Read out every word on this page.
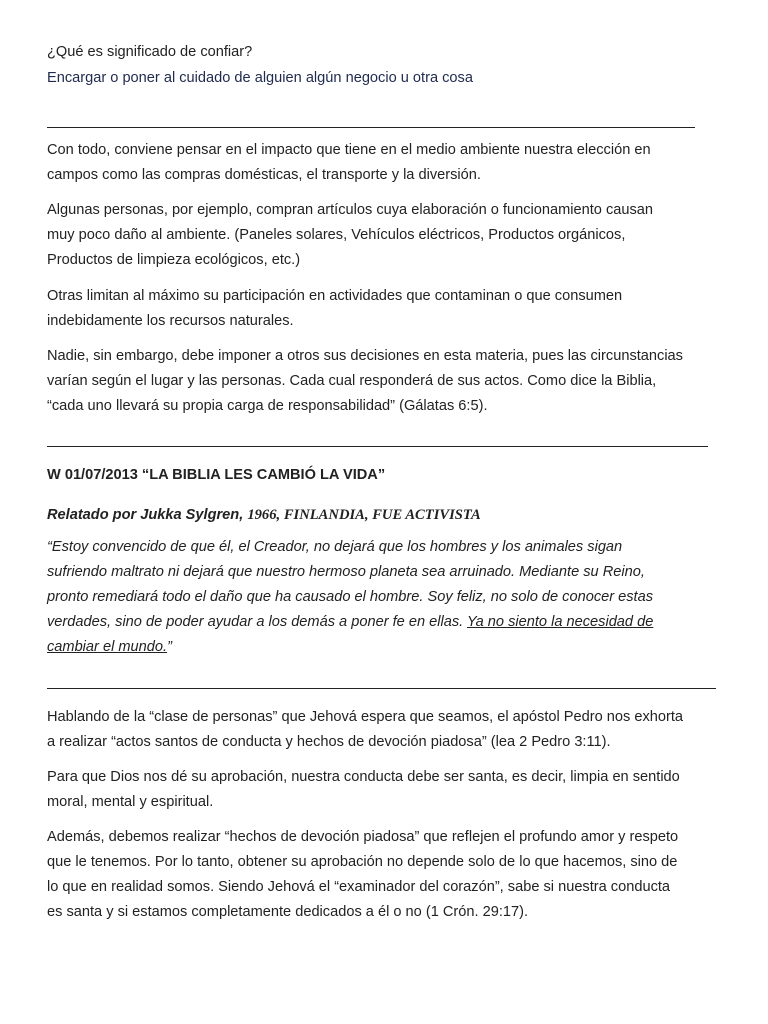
¿Qué es significado de confiar?
Encargar o poner al cuidado de alguien algún negocio u otra cosa
Con todo, conviene pensar en el impacto que tiene en el medio ambiente nuestra elección en
campos como las compras domésticas, el transporte y la diversión.
Algunas personas, por ejemplo, compran artículos cuya elaboración o funcionamiento causan
muy poco daño al ambiente. (Paneles solares, Vehículos eléctricos, Productos orgánicos,
Productos de limpieza ecológicos, etc.)
Otras limitan al máximo su participación en actividades que contaminan o que consumen
indebidamente los recursos naturales.
Nadie, sin embargo, debe imponer a otros sus decisiones en esta materia, pues las circunstancias
varían según el lugar y las personas. Cada cual responderá de sus actos. Como dice la Biblia,
“cada uno llevará su propia carga de responsabilidad” (Gálatas 6:5).
W 01/07/2013 “LA BIBLIA LES CAMBIÓ LA VIDA”
Relatado por Jukka Sylgren, 1966, FINLANDIA, FUE ACTIVISTA
“Estoy convencido de que él, el Creador, no dejará que los hombres y los animales sigan
sufriendo maltrato ni dejará que nuestro hermoso planeta sea arruinado. Mediante su Reino,
pronto remediará todo el daño que ha causado el hombre. Soy feliz, no solo de conocer estas
verdades, sino de poder ayudar a los demás a poner fe en ellas. Ya no siento la necesidad de
cambiar el mundo.”
Hablando de la “clase de personas” que Jehová espera que seamos, el apóstol Pedro nos exhorta
a realizar “actos santos de conducta y hechos de devoción piadosa” (lea 2 Pedro 3:11).
Para que Dios nos dé su aprobación, nuestra conducta debe ser santa, es decir, limpia en sentido
moral, mental y espiritual.
Además, debemos realizar “hechos de devoción piadosa” que reflejen el profundo amor y respeto
que le tenemos. Por lo tanto, obtener su aprobación no depende solo de lo que hacemos, sino de
lo que en realidad somos. Siendo Jehová el “examinador del corazón”, sabe si nuestra conducta
es santa y si estamos completamente dedicados a él o no (1 Crón. 29:17).
